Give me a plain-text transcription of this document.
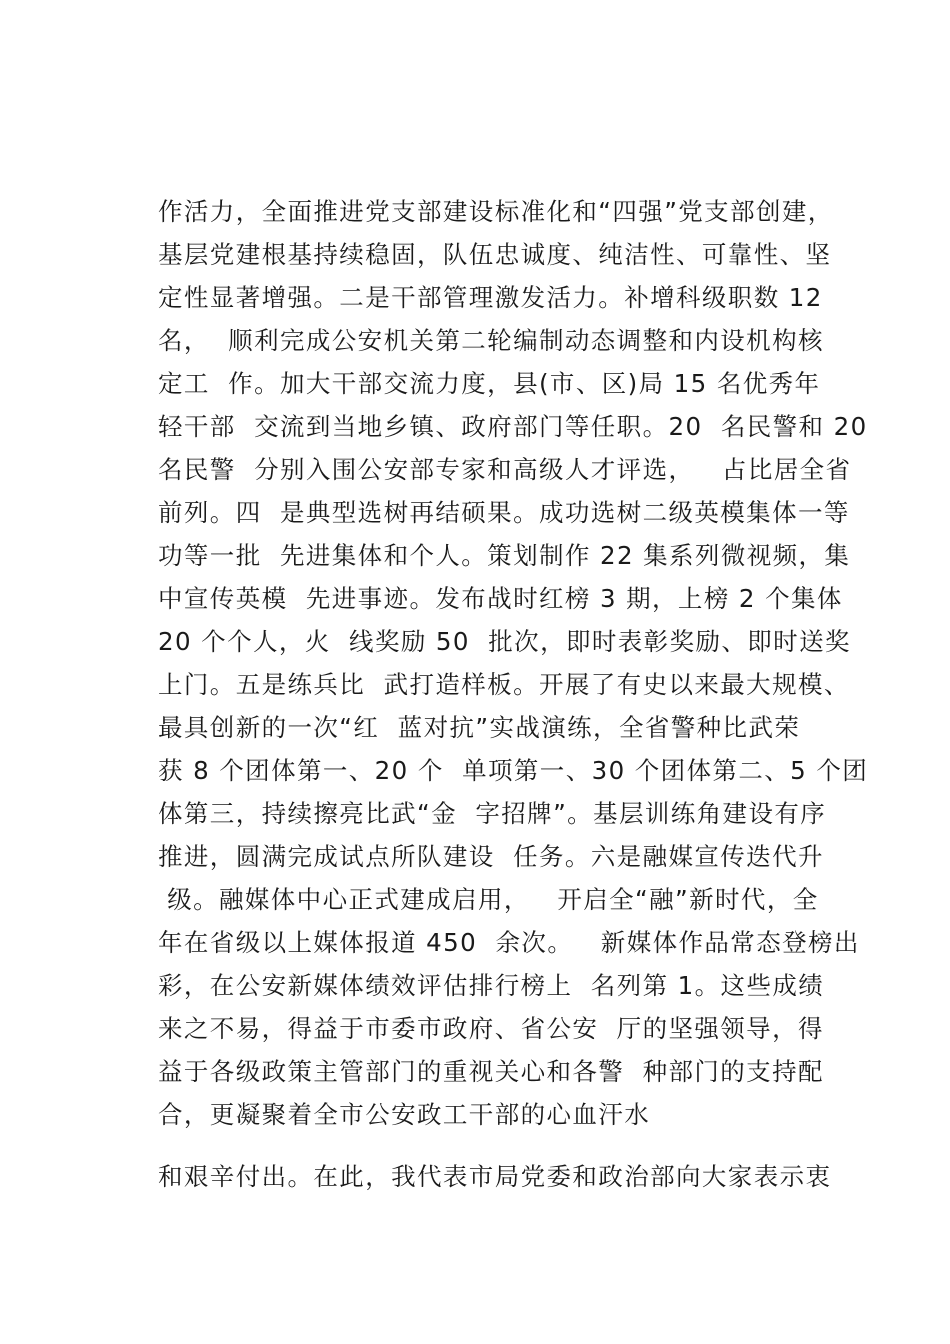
作活力，全面推进党支部建设标准化和“四强”党支部创建，
基层党建根基持续稳固，队伍忠诚度、纯洁性、可靠性、坚
定性显著增强。二是干部管理激发活力。补增科级职数 12
名，  顺利完成公安机关第二轮编制动态调整和内设机构核
定工  作。加大干部交流力度，县(市、区)局 15 名优秀年
轻干部  交流到当地乡镇、政府部门等任职。20  名民警和 20
名民警  分别入围公安部专家和高级人才评选，   占比居全省
前列。四  是典型选树再结硕果。成功选树二级英模集体一等
功等一批  先进集体和个人。策划制作 22 集系列微视频，集
中宣传英模  先进事迹。发布战时红榜 3 期，上榜 2 个集体
20 个个人，火  线奖励 50  批次，即时表彰奖励、即时送奖
上门。五是练兵比  武打造样板。开展了有史以来最大规模、
最具创新的一次“红  蓝对抗”实战演练，全省警种比武荣
获 8 个团体第一、20 个  单项第一、30 个团体第二、5 个团
体第三，持续擦亮比武“金  字招牌”。基层训练角建设有序
推进，圆满完成试点所队建设  任务。六是融媒宣传迭代升
级。融媒体中心正式建成启用，   开启全“融”新时代，全
年在省级以上媒体报道 450  余次。   新媒体作品常态登榜出
彩，在公安新媒体绩效评估排行榜上  名列第 1。这些成绩
来之不易，得益于市委市政府、省公安  厅的坚强领导，得
益于各级政策主管部门的重视关心和各警  种部门的支持配
合，更凝聚着全市公安政工干部的心血汗水
和艰辛付出。在此，我代表市局党委和政治部向大家表示衷
